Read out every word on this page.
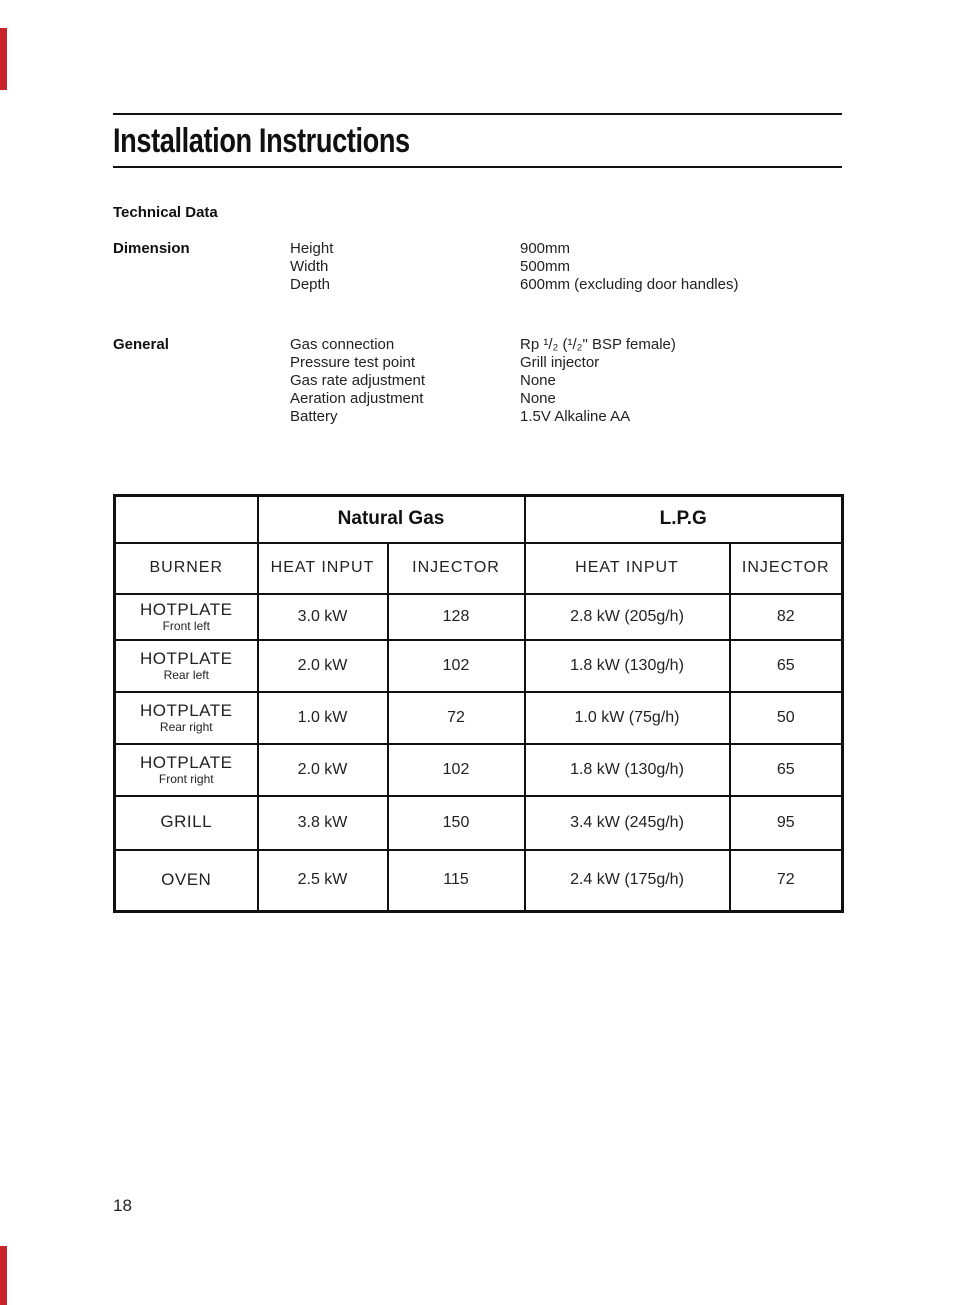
Installation Instructions
Technical Data
Dimension	Height	900mm
Width	500mm
Depth	600mm (excluding door handles)
General	Gas connection	Rp ¹/₂ (¹/₂" BSP female)
Pressure test point	Grill injector
Gas rate adjustment	None
Aeration adjustment	None
Battery	1.5V Alkaline AA
	Natural Gas		L.P.G	
BURNER	HEAT INPUT	INJECTOR	HEAT INPUT	INJECTOR
HOTPLATE
Front left	3.0 kW	128	2.8 kW (205g/h)	82
HOTPLATE
Rear left	2.0 kW	102	1.8 kW (130g/h)	65
HOTPLATE
Rear right	1.0 kW	72	1.0 kW (75g/h)	50
HOTPLATE
Front right	2.0 kW	102	1.8 kW (130g/h)	65
GRILL	3.8 kW	150	3.4 kW (245g/h)	95
OVEN	2.5 kW	115	2.4 kW (175g/h)	72
18
